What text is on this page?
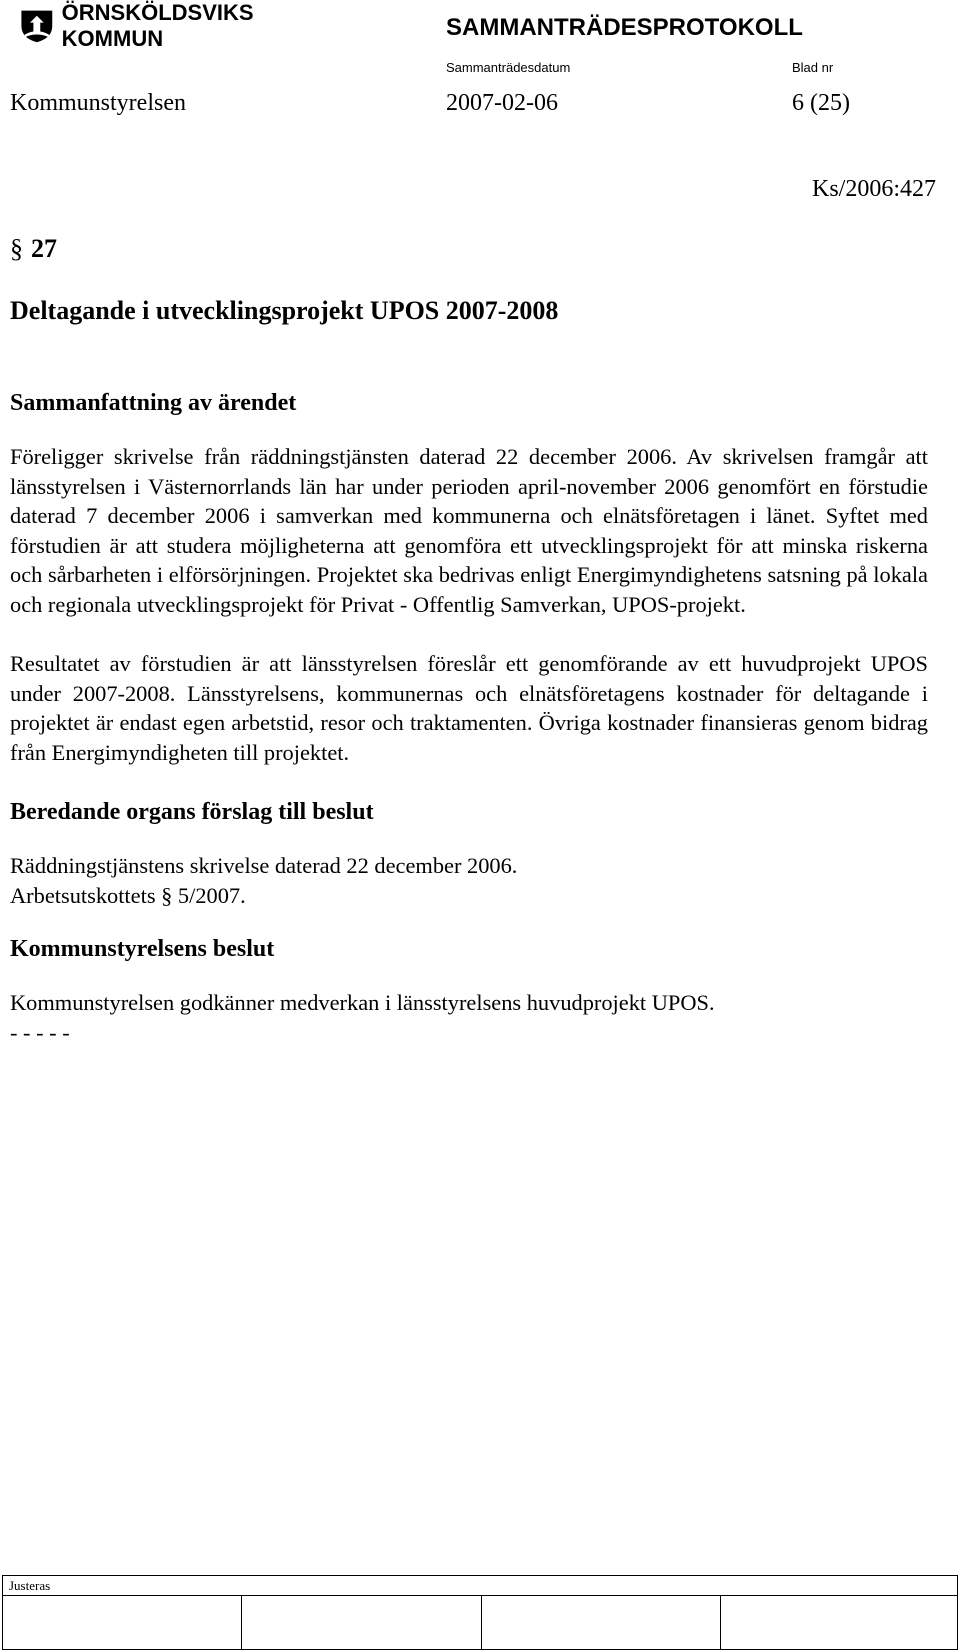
ÖRNSKÖLDSVIKS KOMMUN	SAMMANTRÄDESPROTOKOLL
Sammanträdesdatum	Blad nr
Kommunstyrelsen	2007-02-06	6 (25)
Ks/2006:427
§ 27
Deltagande i utvecklingsprojekt UPOS 2007-2008
Sammanfattning av ärendet

Föreligger skrivelse från räddningstjänsten daterad 22 december 2006. Av skrivelsen framgår att länsstyrelsen i Västernorrlands län har under perioden april-november 2006 genomfört en förstudie daterad 7 december 2006 i samverkan med kommunerna och elnätsföretagen i länet. Syftet med förstudien är att studera möjligheterna att genomföra ett utvecklingsprojekt för att minska riskerna och sårbarheten i elförsörjningen. Projektet ska bedrivas enligt Energimyndighetens satsning på lokala och regionala utvecklingsprojekt för Privat - Offentlig Samverkan, UPOS-projekt.

Resultatet av förstudien är att länsstyrelsen föreslår ett genomförande av ett huvudprojekt UPOS under 2007-2008. Länsstyrelsens, kommunernas och elnätsföretagens kostnader för deltagande i projektet är endast egen arbetstid, resor och traktamenten. Övriga kostnader finansieras genom bidrag från Energimyndigheten till projektet.

Beredande organs förslag till beslut

Räddningstjänstens skrivelse daterad 22 december 2006.

Arbetsutskottets § 5/2007.

Kommunstyrelsens beslut

Kommunstyrelsen godkänner medverkan i länsstyrelsens huvudprojekt UPOS.

- - - - -

Justeras
